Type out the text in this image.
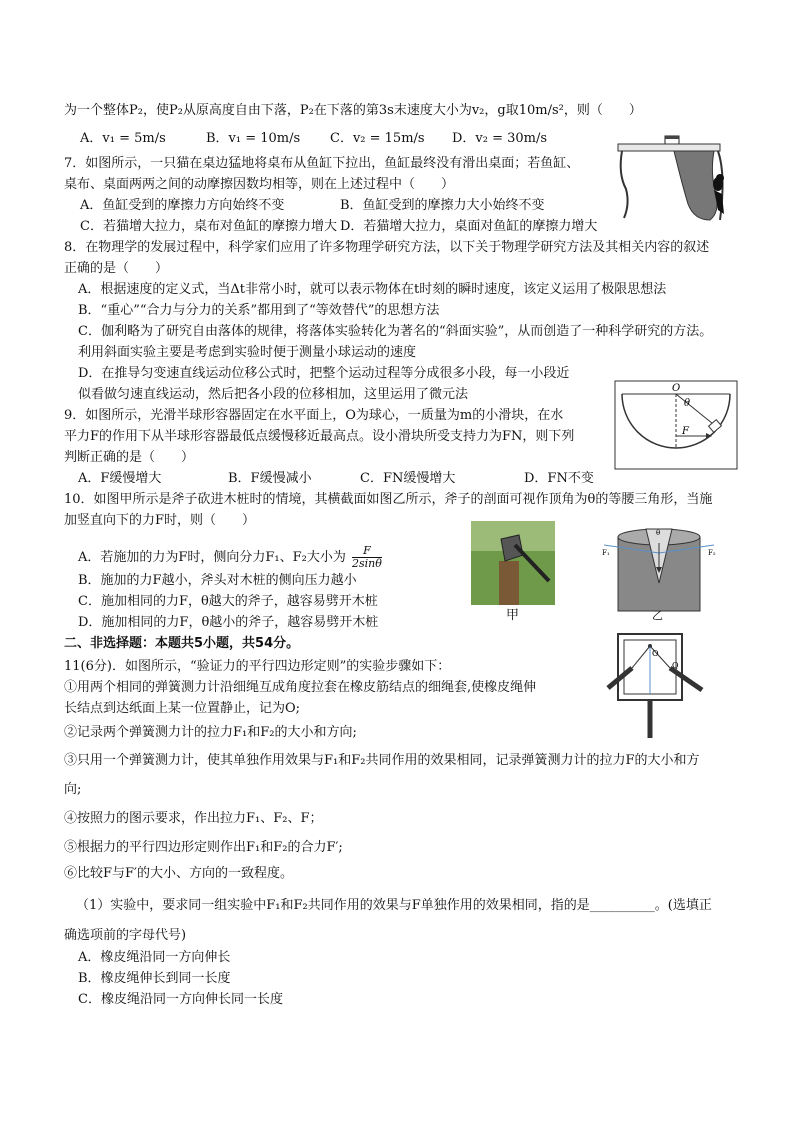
为一个整体P₂，使P₂从原高度自由下落，P₂在下落的第3s末速度大小为v₂，g取10m/s²，则（　　）
A．v₁ = 5m/s	B．v₁ = 10m/s C．v₂ = 15m/s D．v₂ = 30m/s
7．如图所示，一只猫在桌边猛地将桌布从鱼缸下拉出，鱼缸最终没有滑出桌面；若鱼缸、
桌布、桌面两两之间的动摩擦因数均相等，则在上述过程中（　　）
A．鱼缸受到的摩擦力方向始终不变	B．鱼缸受到的摩擦力大小始终不变
C．若猫增大拉力，桌布对鱼缸的摩擦力增大 D．若猫增大拉力，桌面对鱼缸的摩擦力增大
8．在物理学的发展过程中，科学家们应用了许多物理学研究方法，以下关于物理学研究方法及其相关内容的叙述
正确的是（　　）
A．根据速度的定义式，当Δt非常小时，就可以表示物体在t时刻的瞬时速度，该定义运用了极限思想法
B．“重心”“合力与分力的关系”都用到了“等效替代”的思想方法
C．伽利略为了研究自由落体的规律，将落体实验转化为著名的“斜面实验”，从而创造了一种科学研究的方法。
利用斜面实验主要是考虑到实验时便于测量小球运动的速度
D．在推导匀变速直线运动位移公式时，把整个运动过程等分成很多小段，每一小段近
似看做匀速直线运动，然后把各小段的位移相加，这里运用了微元法	O
θ
F
9．如图所示，光滑半球形容器固定在水平面上，O为球心，一质量为m的小滑块，在水
平力F的作用下从半球形容器最低点缓慢移近最高点。设小滑块所受支持力为FN，则下列
判断正确的是（　　）
A．F缓慢增大	B．F缓慢减小	C．FN缓慢增大	D．FN不变
10．如图甲所示是斧子砍进木桩时的情境，其横截面如图乙所示，斧子的剖面可视作顶角为θ的等腰三角形，当施
加竖直向下的力F时，则（　　）
A．若施加的力为F时，侧向分力F₁、F₂大小为 $\frac{F}{2\sin\theta}$
B．施加的力F越小，斧头对木桩的侧向压力越小
C．施加相同的力F，θ越大的斧子，越容易劈开木桩
D．施加相同的力F，θ越小的斧子，越容易劈开木桩	甲
F₁	F₂
θ
乙
二、非选择题：本题共5小题，共54分。
O
Q
11(6分)．如图所示，“验证力的平行四边形定则”的实验步骤如下：
①用两个相同的弹簧测力计沿细绳互成角度拉套在橡皮筋结点的细绳套,使橡皮绳伸
长结点到达纸面上某一位置静止，记为O;
②记录两个弹簧测力计的拉力F₁和F₂的大小和方向;
③只用一个弹簧测力计，使其单独作用效果与F₁和F₂共同作用的效果相同，记录弹簧测力计的拉力F的大小和方
向;
④按照力的图示要求，作出拉力F₁、F₂、F；
⑤根据力的平行四边形定则作出F₁和F₂的合力F′;
⑥比较F与F′的大小、方向的一致程度。
（1）实验中，要求同一组实验中F₁和F₂共同作用的效果与F单独作用的效果相同，指的是__________。(选填正
确选项前的字母代号)
A．橡皮绳沿同一方向伸长
B．橡皮绳伸长到同一长度
C．橡皮绳沿同一方向伸长同一长度
